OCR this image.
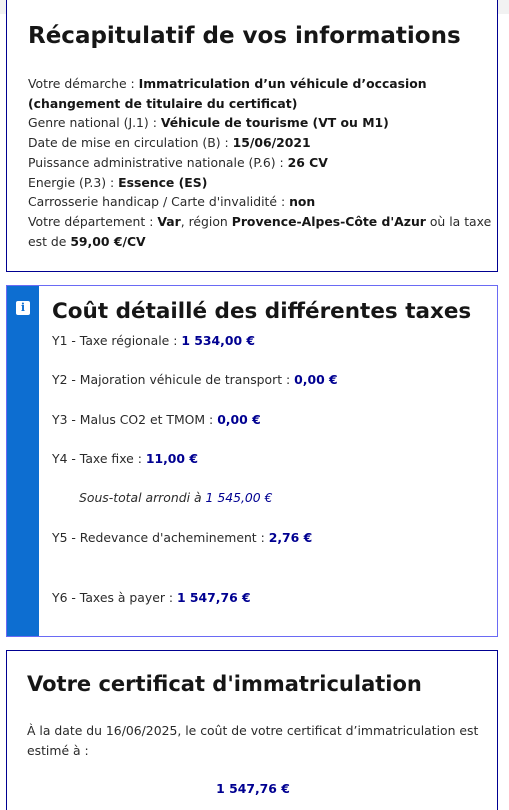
Récapitulatif de vos informations
Votre démarche : Immatriculation d’un véhicule d’occasion (changement de titulaire du certificat)
Genre national (J.1) : Véhicule de tourisme (VT ou M1)
Date de mise en circulation (B) : 15/06/2021
Puissance administrative nationale (P.6) : 26 CV
Energie (P.3) : Essence (ES)
Carrosserie handicap / Carte d'invalidité : non
Votre département : Var, région Provence-Alpes-Côte d'Azur où la taxe est de 59,00 €/CV
i Coût détaillé des différentes taxes
Y1 - Taxe régionale : 1 534,00 €
Y2 - Majoration véhicule de transport : 0,00 €
Y3 - Malus CO2 et TMOM : 0,00 €
Y4 - Taxe fixe : 11,00 €
Sous-total arrondi à 1 545,00 €
Y5 - Redevance d'acheminement : 2,76 €
Y6 - Taxes à payer : 1 547,76 €
Votre certificat d'immatriculation
À la date du 16/06/2025, le coût de votre certificat d’immatriculation est estimé à :
1 547,76 €
